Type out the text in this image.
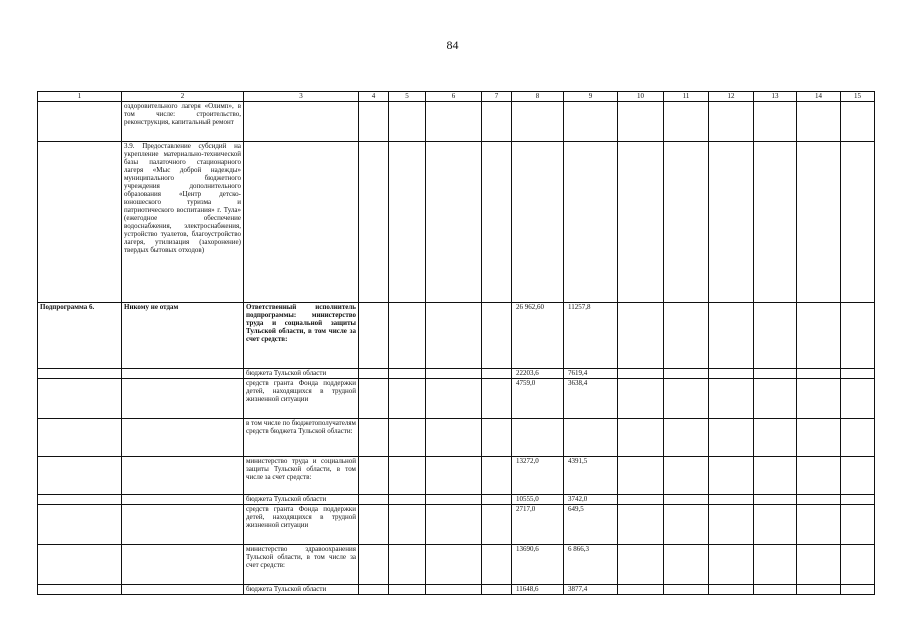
84
1	2	3	4	5	6	7	8	9	10	11	12	13	14	15
	оздоровительного лагеря «Олимп», в том числе: строительство, реконструкция, капитальный ремонт													
	3.9. Предоставление субсидий на укрепление материально-технической базы палаточного стационарного лагеря «Мыс доброй надежды» муниципального бюджетного учреждения дополнительного образования «Центр детско-юношеского туризма и патриотического воспитания» г. Тула» (ежегодное обеспечение водоснабжения, электроснабжения, устройство туалетов, благоустройство лагеря, утилизация (захоронение) твердых бытовых отходов)													
Подпрограмма 6.	Никому не отдам	Ответственный исполнитель подпрограммы: министерство труда и социальной защиты Тульской области, в том числе за счет средств:					26 962,60	11257,8						
		бюджета Тульской области					22203,6	7619,4						
		средств гранта Фонда поддержки детей, находящихся в трудной жизненной ситуации					4759,0	3638,4						
		в том числе по бюджетополучателям средств бюджета Тульской области:												
		министерство труда и социальной защиты Тульской области, в том числе за счет средств:					13272,0	4391,5						
		бюджета Тульской области					10555,0	3742,0						
		средств гранта Фонда поддержки детей, находящихся в трудной жизненной ситуации					2717,0	649,5						
		министерство здравоохранения Тульской области, в том числе за счет средств:					13690,6	6 866,3						
		бюджета Тульской области					11648,6	3877,4						
